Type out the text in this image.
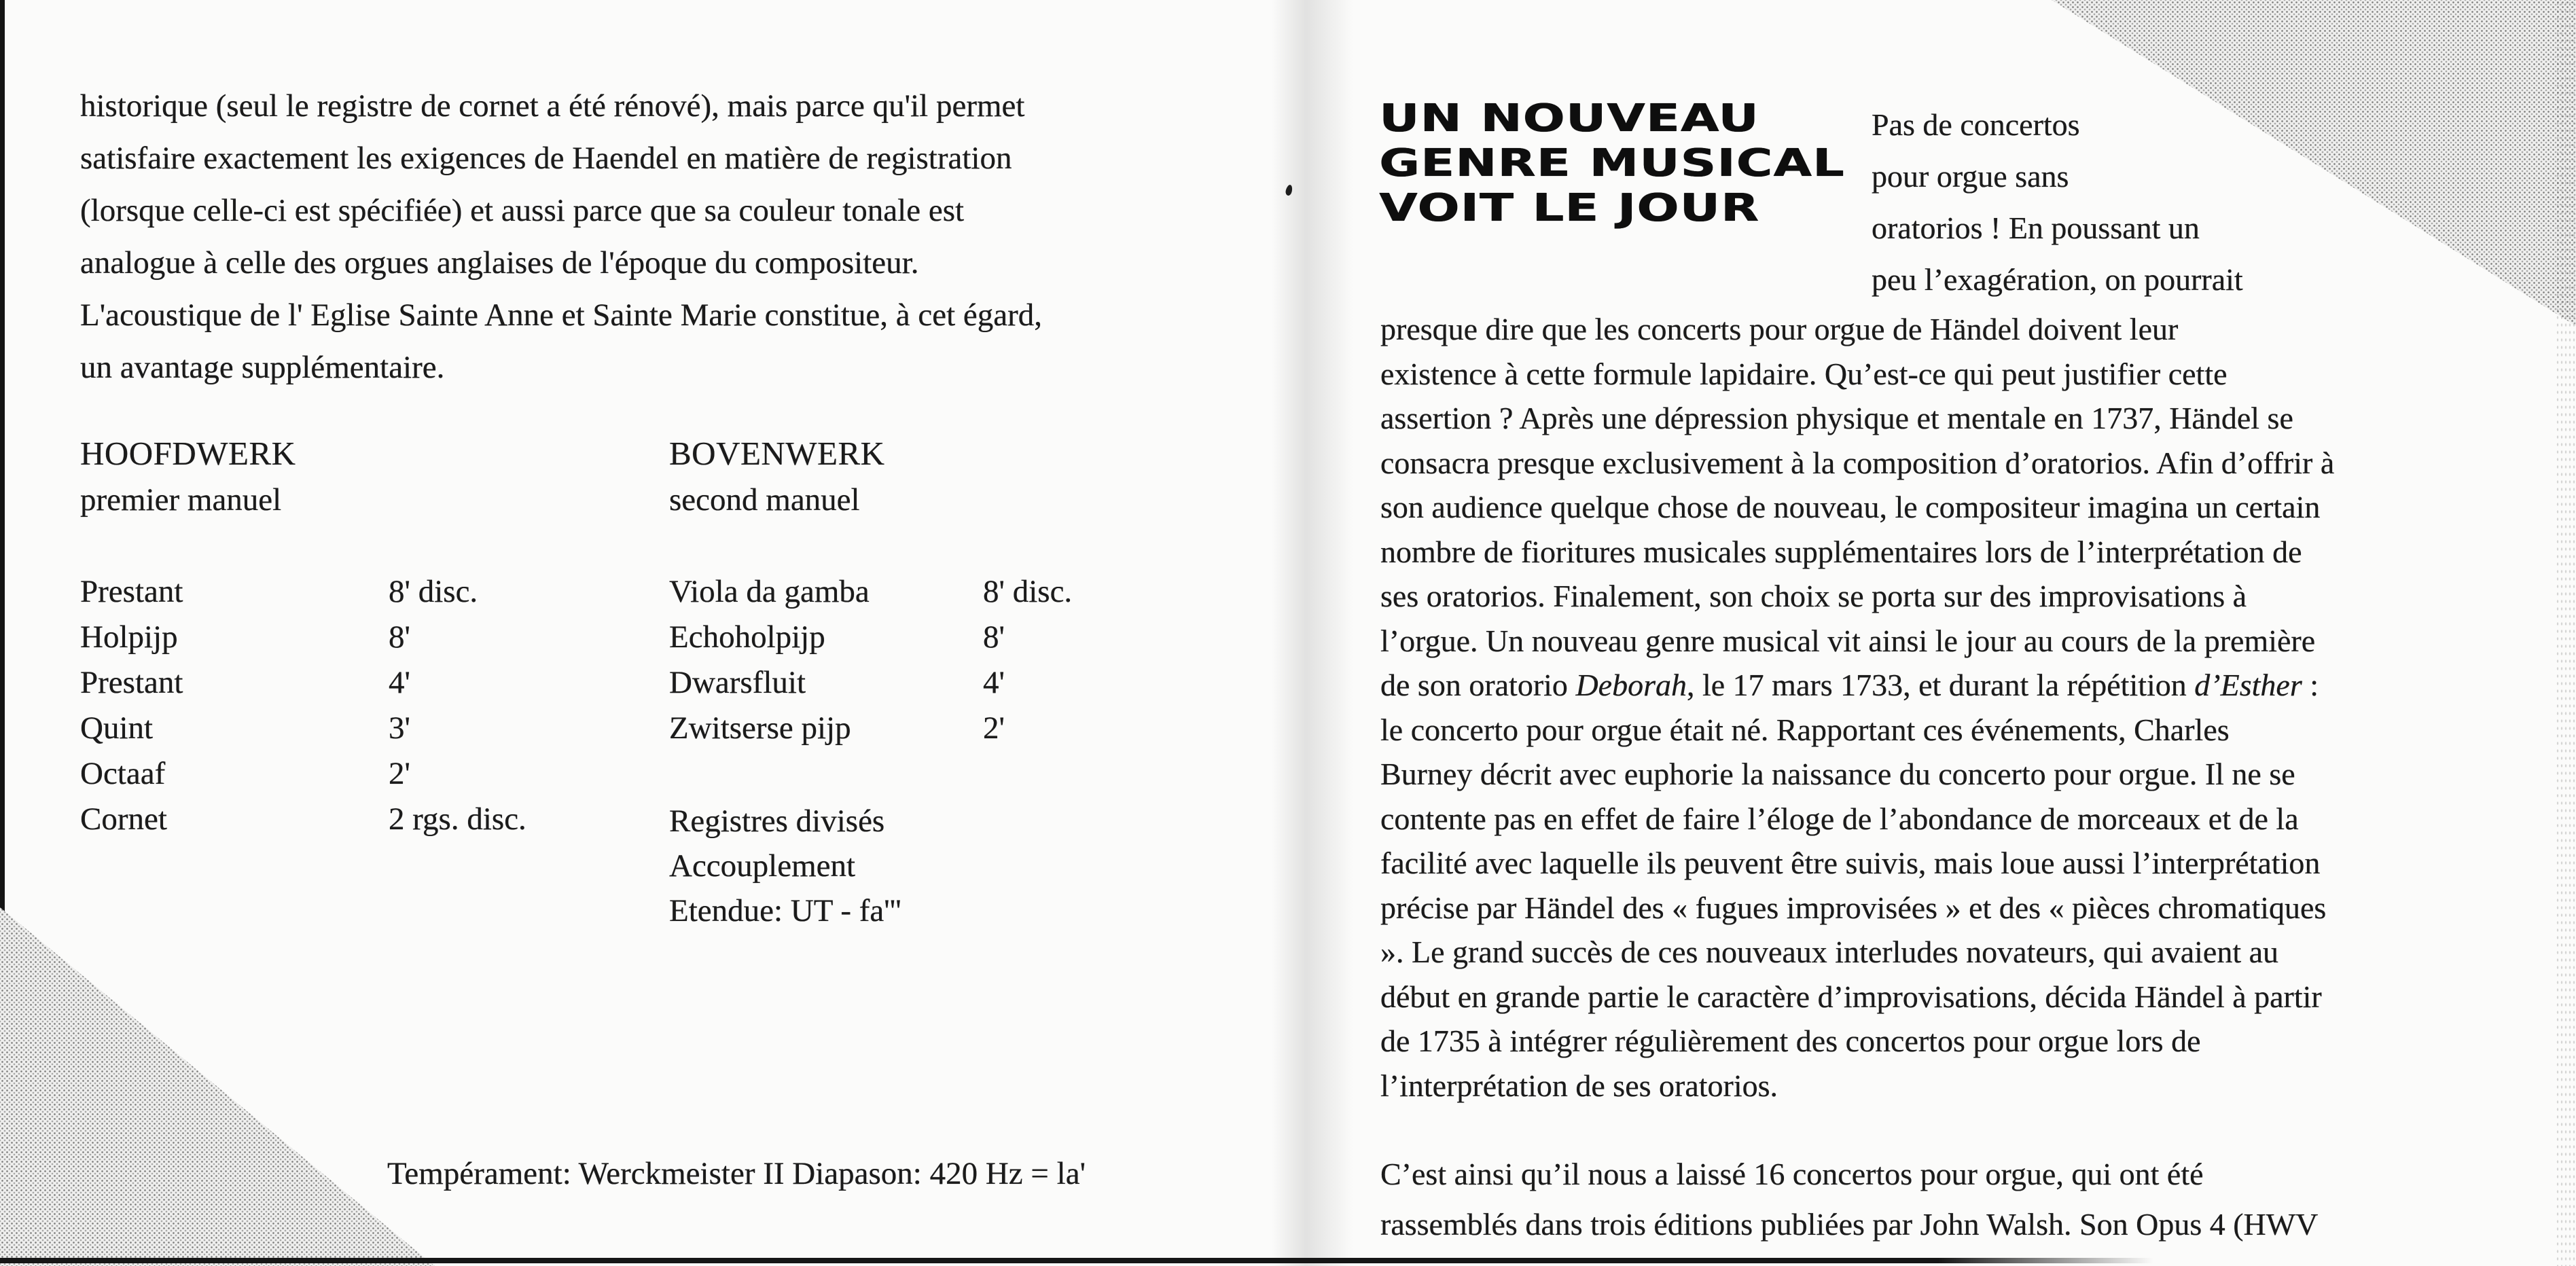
historique (seul le registre de cornet a été rénové), mais parce qu'il permet
satisfaire exactement les exigences de Haendel en matière de registration
(lorsque celle-ci est spécifiée) et aussi parce que sa couleur tonale est
analogue à celle des orgues anglaises de l'époque du compositeur.
L'acoustique de l' Eglise Sainte Anne et Sainte Marie constitue, à cet égard,
un avantage supplémentaire.
HOOFDWERK
premier manuel
Prestant	8' disc.
Holpijp	8'
Prestant	4'
Quint	3'
Octaaf	2'
Cornet	2 rgs. disc.
BOVENWERK
second manuel
Viola da gamba	8' disc.
Echoholpijp	8'
Dwarsfluit	4'
Zwitserse pijp	2'
Registres divisés
Accouplement
Etendue: UT - fa'''
Tempérament: Werckmeister II Diapason: 420 Hz = la'
UN NOUVEAU
GENRE MUSICAL
VOIT LE JOUR
Pas de concertos
pour orgue sans
oratorios ! En poussant un
peu l’exagération, on pourrait
presque dire que les concerts pour orgue de Händel doivent leur
existence à cette formule lapidaire. Qu’est-ce qui peut justifier cette
assertion ? Après une dépression physique et mentale en 1737, Händel se
consacra presque exclusivement à la composition d’oratorios. Afin d’offrir à
son audience quelque chose de nouveau, le compositeur imagina un certain
nombre de fioritures musicales supplémentaires lors de l’interprétation de
ses oratorios. Finalement, son choix se porta sur des improvisations à
l’orgue. Un nouveau genre musical vit ainsi le jour au cours de la première
de son oratorio Deborah, le 17 mars 1733, et durant la répétition d’Esther :
le concerto pour orgue était né. Rapportant ces événements, Charles
Burney décrit avec euphorie la naissance du concerto pour orgue. Il ne se
contente pas en effet de faire l’éloge de l’abondance de morceaux et de la
facilité avec laquelle ils peuvent être suivis, mais loue aussi l’interprétation
précise par Händel des « fugues improvisées » et des « pièces chromatiques
». Le grand succès de ces nouveaux interludes novateurs, qui avaient au
début en grande partie le caractère d’improvisations, décida Händel à partir
de 1735 à intégrer régulièrement des concertos pour orgue lors de
l’interprétation de ses oratorios.
C’est ainsi qu’il nous a laissé 16 concertos pour orgue, qui ont été
rassemblés dans trois éditions publiées par John Walsh. Son Opus 4 (HWV
